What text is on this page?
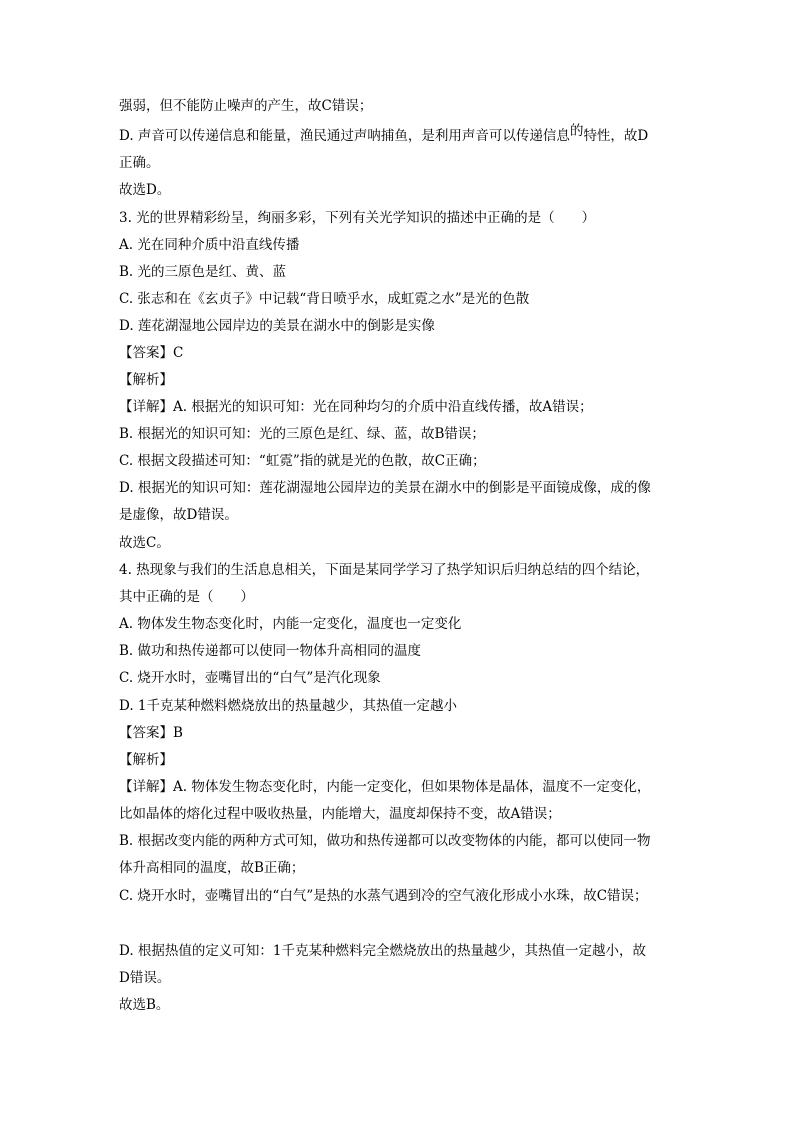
强弱，但不能防止噪声的产生，故C错误；
D. 声音可以传递信息和能量，渔民通过声呐捕鱼，是利用声音可以传递信息的特性，故D
正确。
故选D。
3. 光的世界精彩纷呈，绚丽多彩，下列有关光学知识的描述中正确的是（　　）
A. 光在同种介质中沿直线传播
B. 光的三原色是红、黄、蓝
C. 张志和在《玄贞子》中记载“背日喷乎水，成虹霓之水”是光的色散
D. 莲花湖湿地公园岸边的美景在湖水中的倒影是实像
【答案】C
【解析】
【详解】A. 根据光的知识可知：光在同种均匀的介质中沿直线传播，故A错误；
B. 根据光的知识可知：光的三原色是红、绿、蓝，故B错误；
C. 根据文段描述可知：“虹霓”指的就是光的色散，故C正确；
D. 根据光的知识可知：莲花湖湿地公园岸边的美景在湖水中的倒影是平面镜成像，成的像
是虚像，故D错误。
故选C。
4. 热现象与我们的生活息息相关，下面是某同学学习了热学知识后归纳总结的四个结论，
其中正确的是（　　）
A. 物体发生物态变化时，内能一定变化，温度也一定变化
B. 做功和热传递都可以使同一物体升高相同的温度
C. 烧开水时，壶嘴冒出的“白气”是汽化现象
D. 1千克某种燃料燃烧放出的热量越少，其热值一定越小
【答案】B
【解析】
【详解】A. 物体发生物态变化时，内能一定变化，但如果物体是晶体，温度不一定变化，
比如晶体的熔化过程中吸收热量，内能增大，温度却保持不变，故A错误；
B. 根据改变内能的两种方式可知，做功和热传递都可以改变物体的内能，都可以使同一物
体升高相同的温度，故B正确；
C. 烧开水时，壶嘴冒出的“白气”是热的水蒸气遇到冷的空气液化形成小水珠，故C错误；
D. 根据热值的定义可知：1千克某种燃料完全燃烧放出的热量越少，其热值一定越小，故
D错误。
故选B。
